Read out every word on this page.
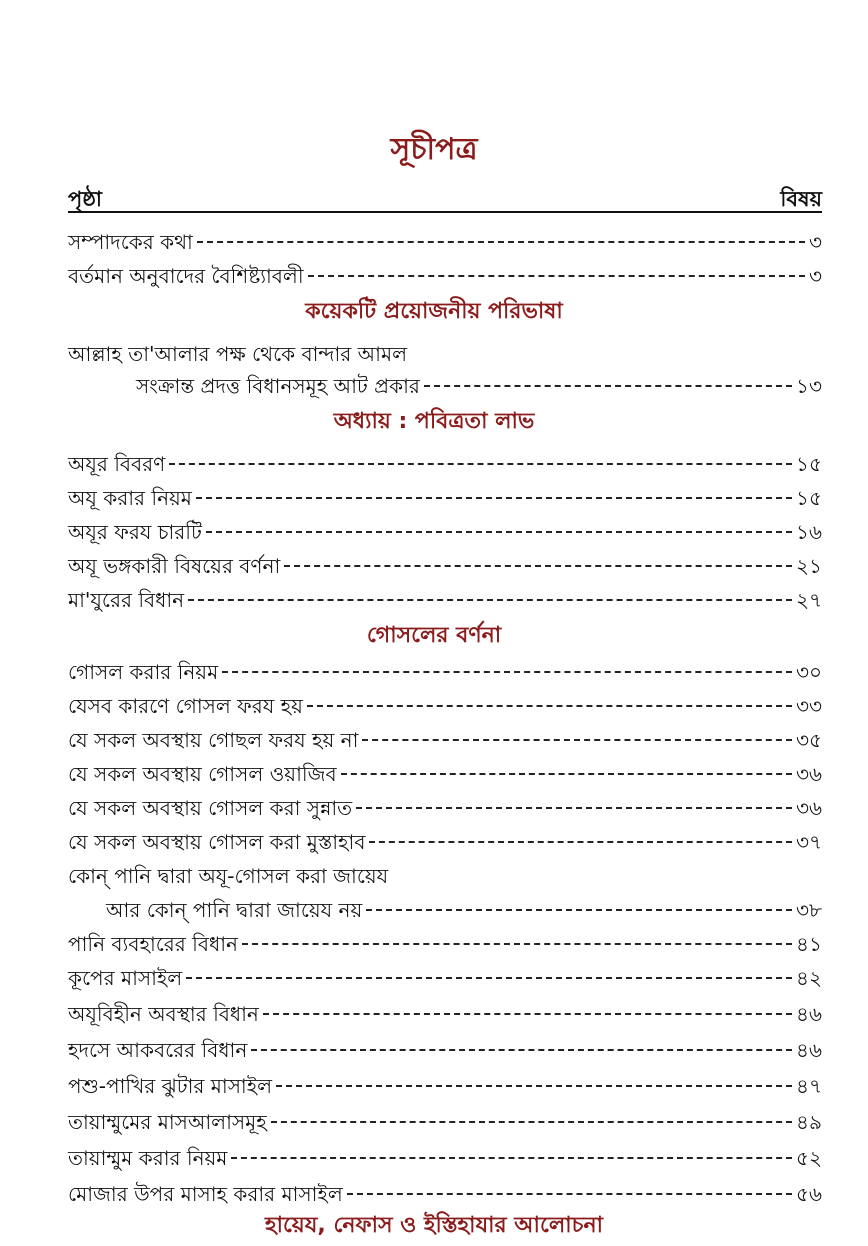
সূচীপত্র
পৃষ্ঠা	বিষয়
সম্পাদকের কথা	৩
বর্তমান অনুবাদের বৈশিষ্ট্যাবলী	৩
কয়েকটি প্রয়োজনীয় পরিভাষা
আল্লাহ তা'আলার পক্ষ থেকে বান্দার আমল
সংক্রান্ত প্রদত্ত বিধানসমূহ আট প্রকার	১৩
অধ্যায় : পবিত্রতা লাভ
অযূর বিবরণ	১৫
অযূ করার নিয়ম	১৫
অযূর ফরয চারটি	১৬
অযূ ভঙ্গকারী বিষয়ের বর্ণনা	২১
মা'যুরের বিধান	২৭
গোসলের বর্ণনা
গোসল করার নিয়ম	৩০
যেসব কারণে গোসল ফরয হয়	৩৩
যে সকল অবস্থায় গোছল ফরয হয় না	৩৫
যে সকল অবস্থায় গোসল ওয়াজিব	৩৬
যে সকল অবস্থায় গোসল করা সুন্নাত	৩৬
যে সকল অবস্থায় গোসল করা মুস্তাহাব	৩৭
কোন্ পানি দ্বারা অযূ-গোসল করা জায়েয
আর কোন্ পানি দ্বারা জায়েয নয়	৩৮
পানি ব্যবহারের বিধান	৪১
কূপের মাসাইল	৪২
অযূবিহীন অবস্থার বিধান	৪৬
হদসে আকবরের বিধান	৪৬
পশু-পাখির ঝুটার মাসাইল	৪৭
তায়াম্মুমের মাসআলাসমূহ	৪৯
তায়াম্মুম করার নিয়ম	৫২
মোজার উপর মাসাহ করার মাসাইল	৫৬
হায়েয, নেফাস ও ইস্তিহাযার আলোচনা
